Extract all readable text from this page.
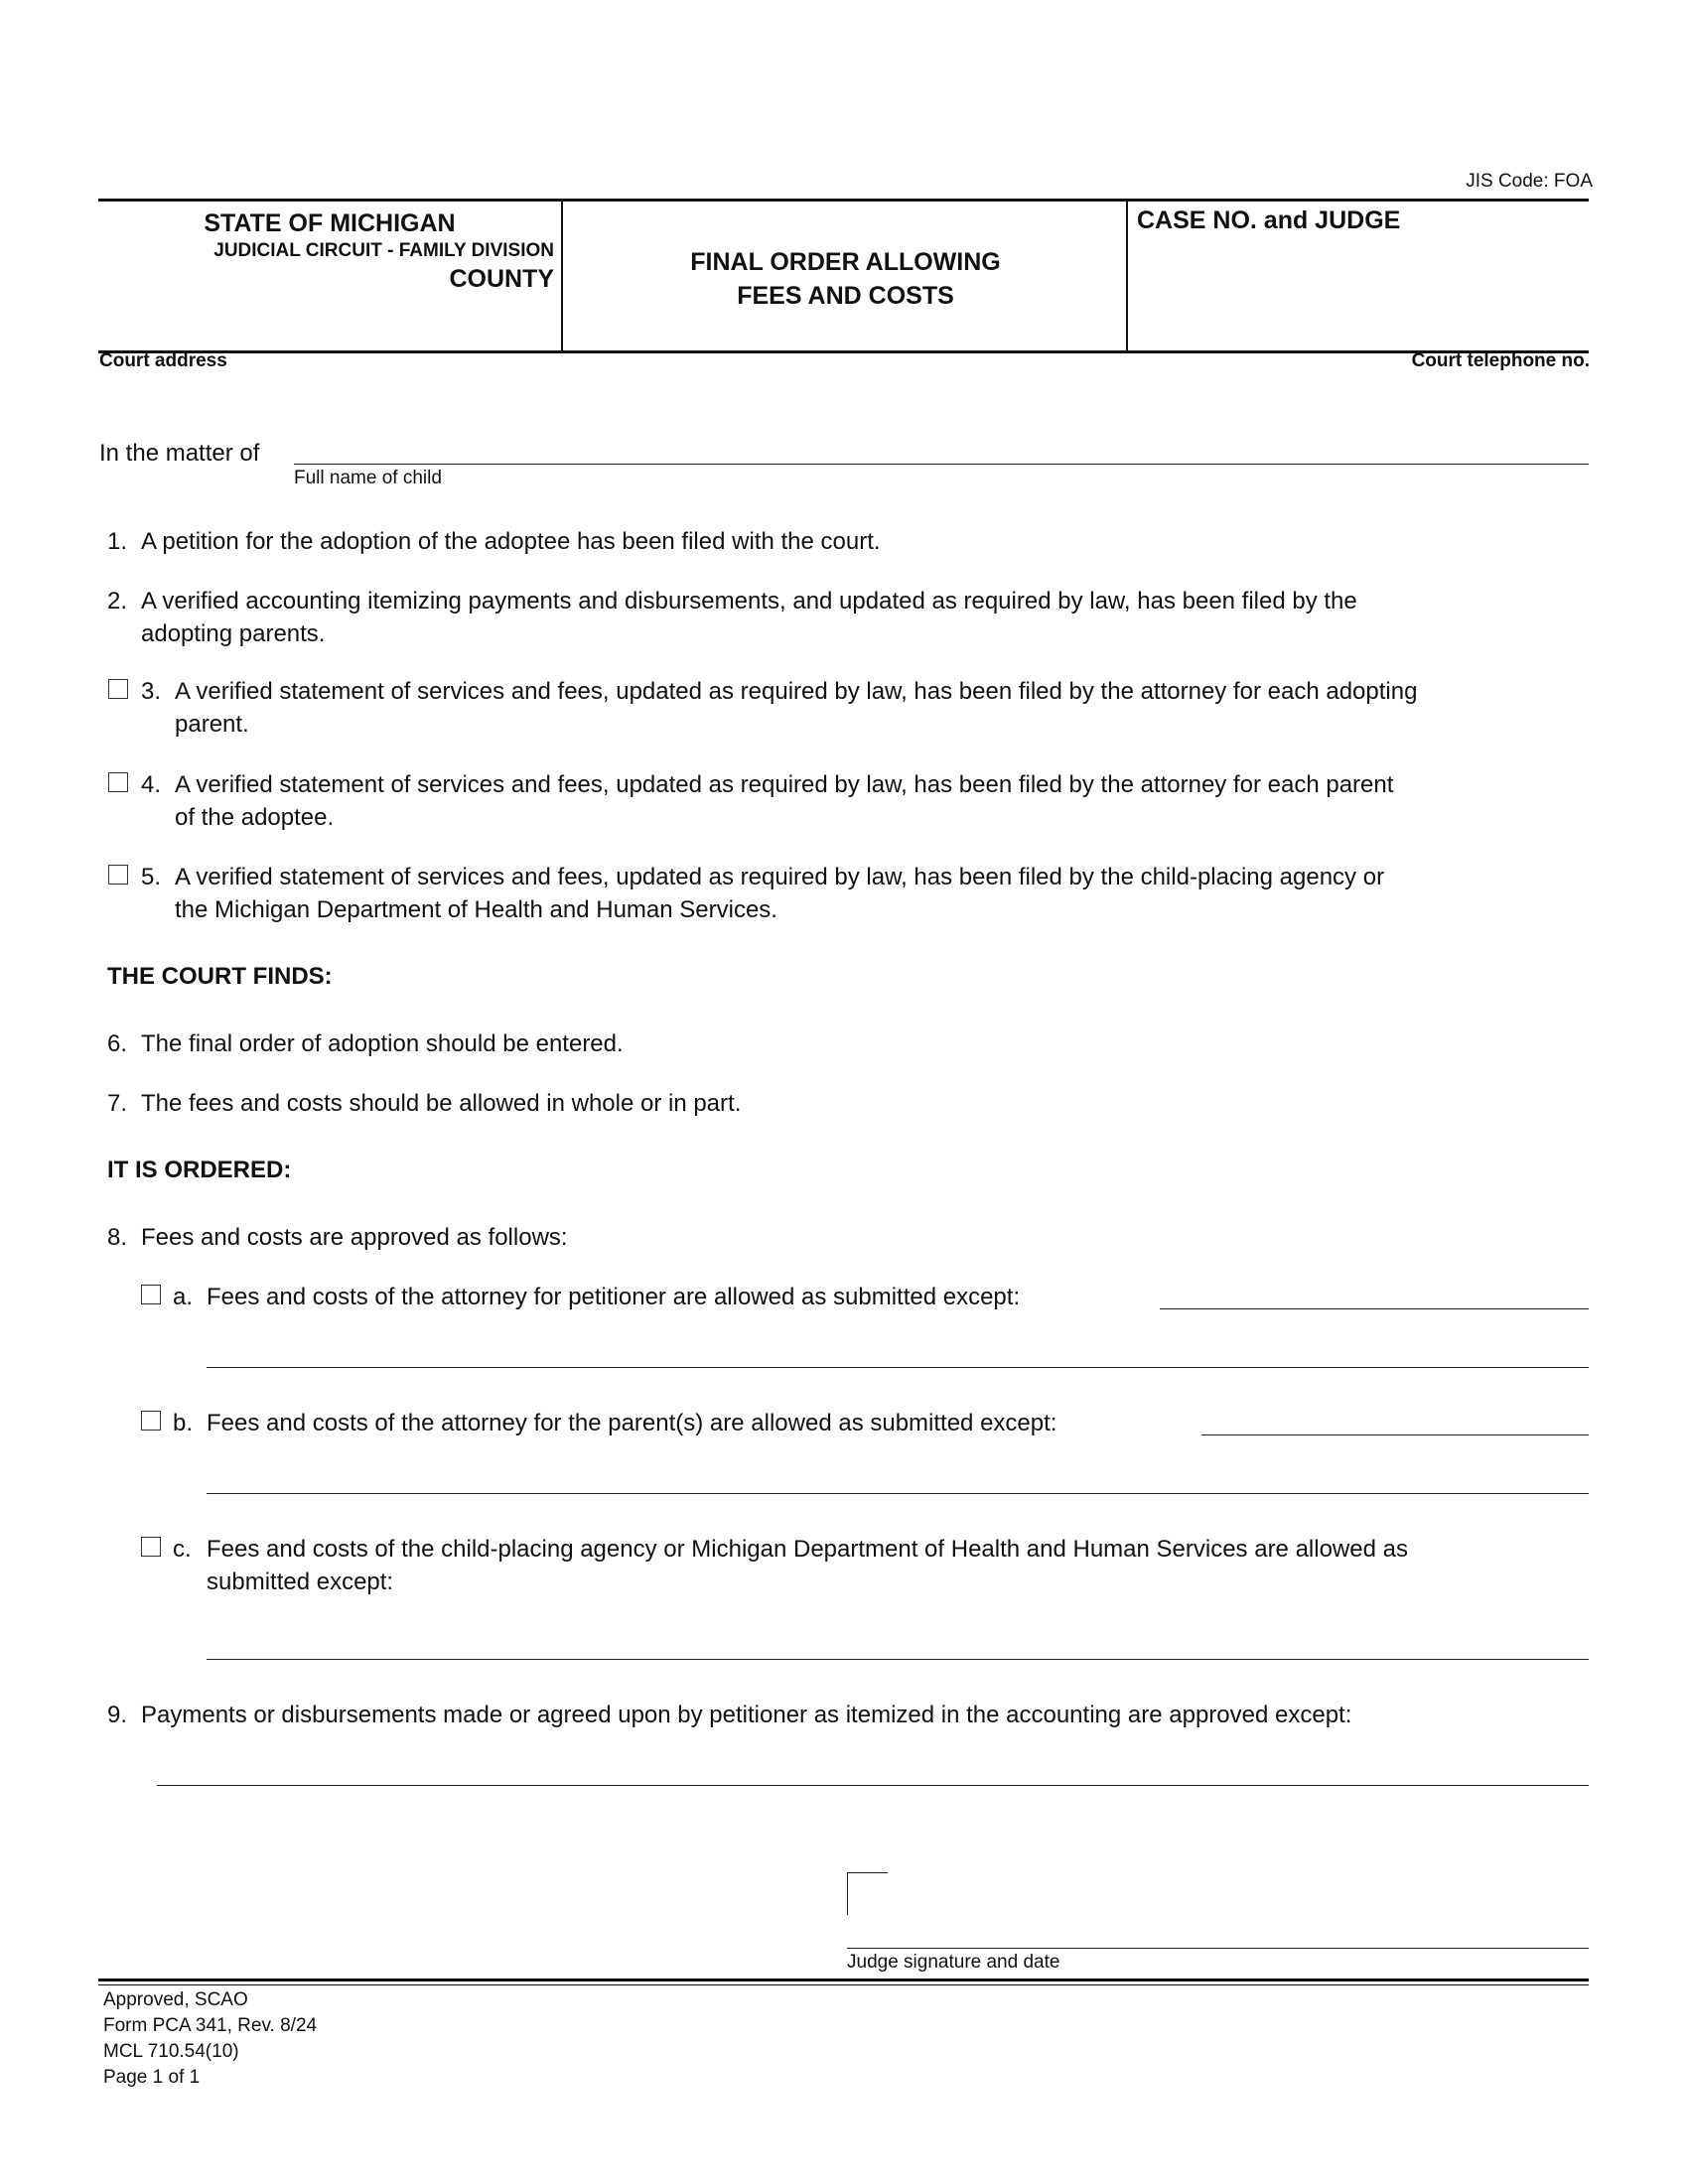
JIS Code: FOA
STATE OF MICHIGAN
JUDICIAL CIRCUIT - FAMILY DIVISION
COUNTY
FINAL ORDER ALLOWING
FEES AND COSTS
CASE NO. and JUDGE
Court address	Court telephone no.
In the matter of
Full name of child
1. A petition for the adoption of the adoptee has been filed with the court.
2. A verified accounting itemizing payments and disbursements, and updated as required by law, has been filed by the
adopting parents.
3. A verified statement of services and fees, updated as required by law, has been filed by the attorney for each adopting
parent.
4. A verified statement of services and fees, updated as required by law, has been filed by the attorney for each parent
of the adoptee.
5. A verified statement of services and fees, updated as required by law, has been filed by the child-placing agency or
the Michigan Department of Health and Human Services.
THE COURT FINDS:
6. The final order of adoption should be entered.
7. The fees and costs should be allowed in whole or in part.
IT IS ORDERED:
8. Fees and costs are approved as follows:
a. Fees and costs of the attorney for petitioner are allowed as submitted except:
b. Fees and costs of the attorney for the parent(s) are allowed as submitted except:
c. Fees and costs of the child-placing agency or Michigan Department of Health and Human Services are allowed as
submitted except:
9. Payments or disbursements made or agreed upon by petitioner as itemized in the accounting are approved except:
Judge signature and date
Approved, SCAO
Form PCA 341, Rev. 8/24
MCL 710.54(10)
Page 1 of 1
